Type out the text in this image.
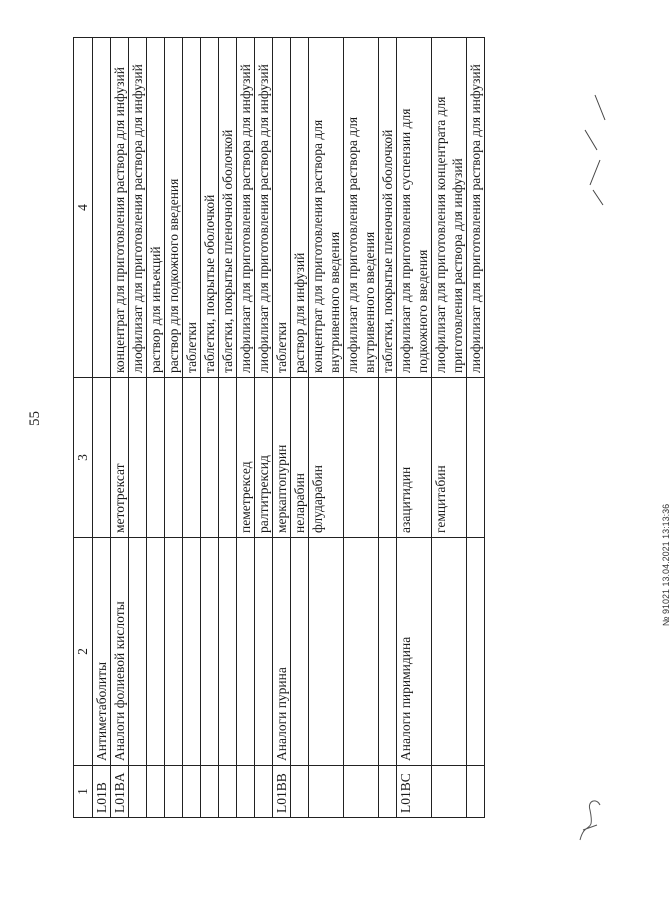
55
1	2	3	4
L01B	Антиметаболиты		
L01BA	Аналоги фолиевой кислоты	метотрексат	концентрат для приготовления раствора для инфузий
			лиофилизат для приготовления раствора для инфузий
			раствор для инъекций
			раствор для подкожного введения
			таблетки
			таблетки, покрытые оболочкой
			таблетки, покрытые пленочной оболочкой
		пеметрексед	лиофилизат для приготовления раствора для инфузий
		ралтитрексид	лиофилизат для приготовления раствора для инфузий
L01BB	Аналоги пурина	меркаптопурин	таблетки
		неларабин	раствор для инфузий
		флударабин	концентрат для приготовления раствора для внутривенного введения
			лиофилизат для приготовления раствора для внутривенного введения
			таблетки, покрытые пленочной оболочкой
L01BC	Аналоги пиримидина	азацитидин	лиофилизат для приготовления суспензии для подкожного введения
		гемцитабин	лиофилизат для приготовления концентрата для приготовления раствора для инфузий
			лиофилизат для приготовления раствора для инфузий
№ 91021 13.04.2021 13:13:36
